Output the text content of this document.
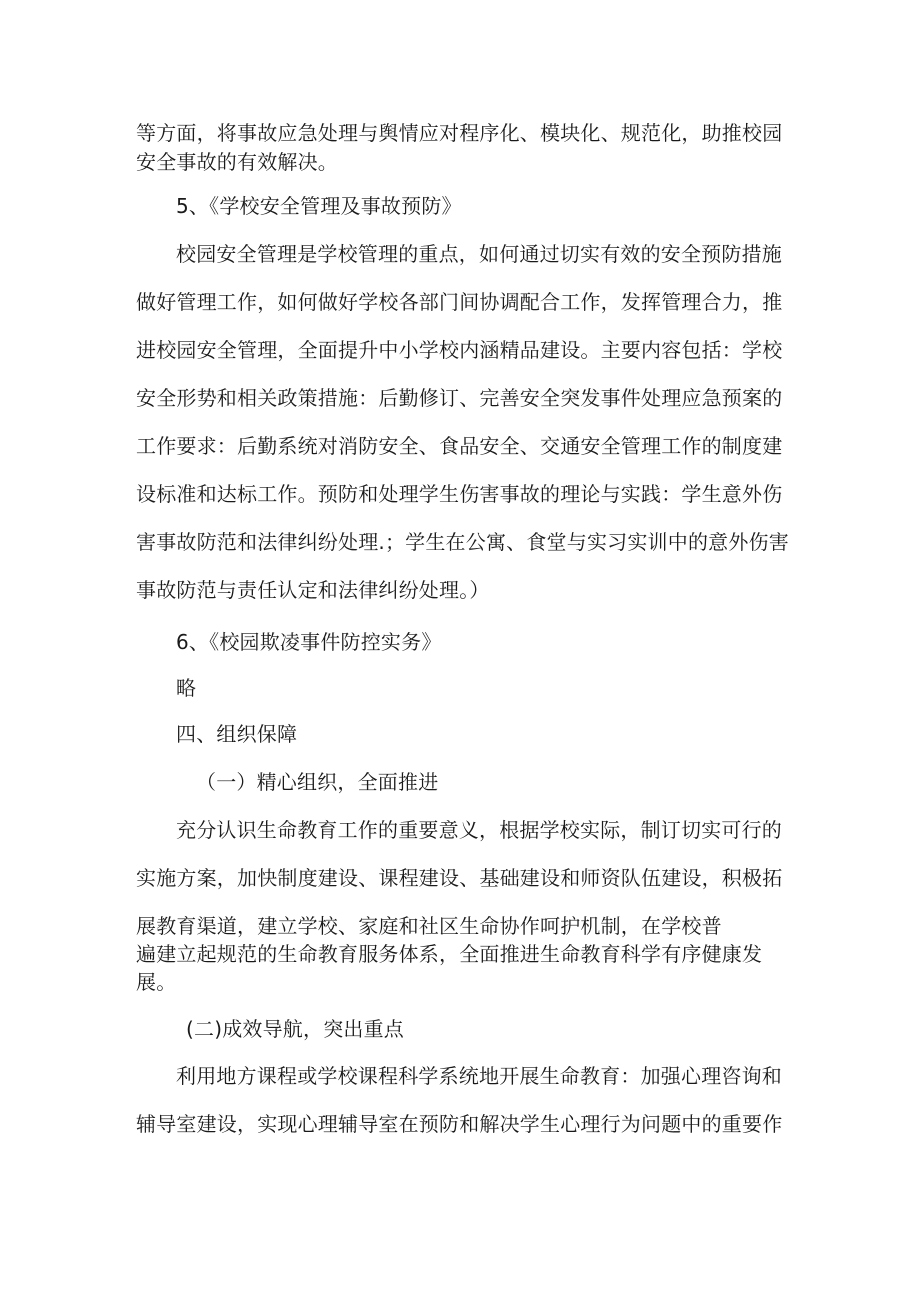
等方面，将事故应急处理与舆情应对程序化、模块化、规范化，助推校园
安全事故的有效解决。
5、《学校安全管理及事故预防》
校园安全管理是学校管理的重点，如何通过切实有效的安全预防措施
做好管理工作，如何做好学校各部门间协调配合工作，发挥管理合力，推
进校园安全管理，全面提升中小学校内涵精品建设。主要内容包括：学校
安全形势和相关政策措施：后勤修订、完善安全突发事件处理应急预案的
工作要求：后勤系统对消防安全、食品安全、交通安全管理工作的制度建
设标准和达标工作。预防和处理学生伤害事故的理论与实践：学生意外伤
害事故防范和法律纠纷处理.；学生在公寓、食堂与实习实训中的意外伤害
事故防范与责任认定和法律纠纷处理。）
6、《校园欺凌事件防控实务》
略
四、组织保障
（一）精心组织，全面推进
充分认识生命教育工作的重要意义，根据学校实际，制订切实可行的
实施方案，加快制度建设、课程建设、基础建设和师资队伍建设，积极拓
展教育渠道，建立学校、家庭和社区生命协作呵护机制，在学校普
遍建立起规范的生命教育服务体系，全面推进生命教育科学有序健康发
展。
(二)成效导航，突出重点
利用地方课程或学校课程科学系统地开展生命教育：加强心理咨询和
辅导室建设，实现心理辅导室在预防和解决学生心理行为问题中的重要作
